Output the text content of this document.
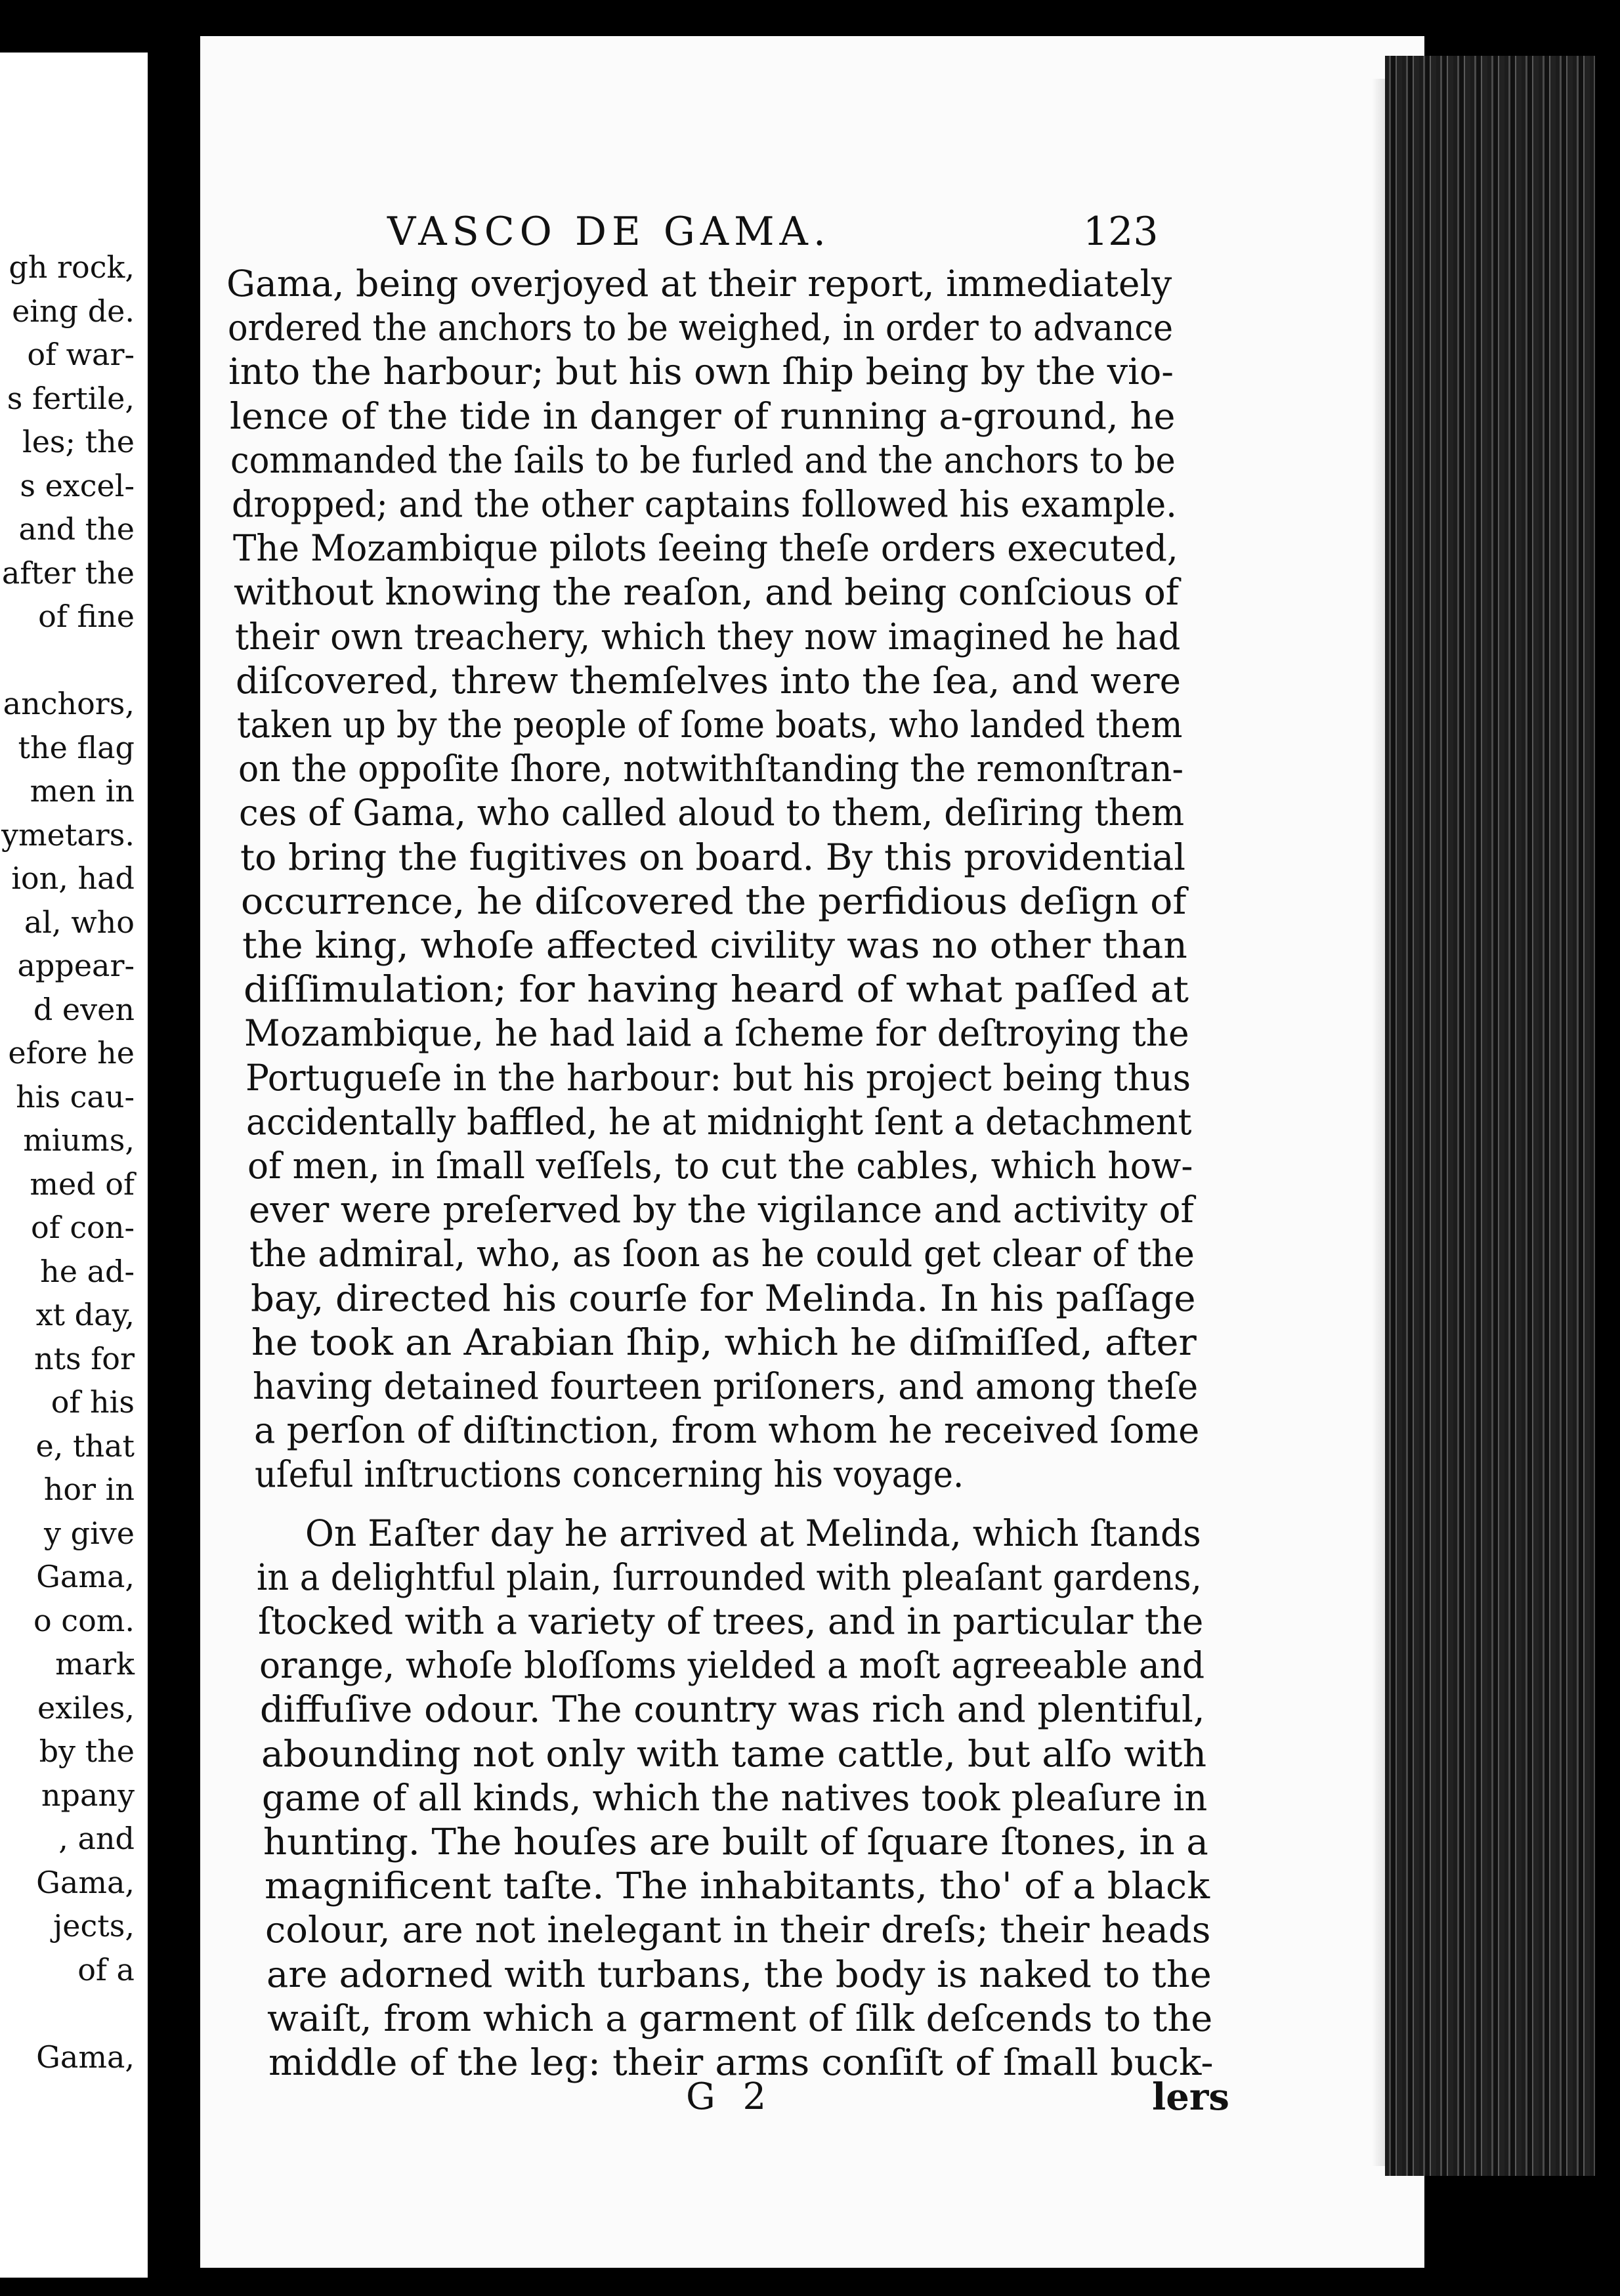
gh rock,
eing de.
of war-
s fertile,
les; the
s excel-
and the
after the
of fine
anchors,
the flag
men in
ymetars.
ion, had
al, who
appear-
d even
efore he
his cau-
miums,
med of
of con-
he ad-
xt day,
nts for
of his
e, that
hor in
y give
Gama,
o com.
mark
exiles,
by the
npany
, and
Gama,
jects,
of a
Gama,
VASCO DE GAMA.	123
Gama, being overjoyed at their report, immediately
ordered the anchors to be weighed, in order to advance
into the harbour; but his own ſhip being by the vio-
lence of the tide in danger of running a-ground, he
commanded the ſails to be furled and the anchors to be
dropped; and the other captains followed his example.
The Mozambique pilots ſeeing theſe orders executed,
without knowing the reaſon, and being conſcious of
their own treachery, which they now imagined he had
diſcovered, threw themſelves into the ſea, and were
taken up by the people of ſome boats, who landed them
on the oppoſite ſhore, notwithſtanding the remonſtran-
ces of Gama, who called aloud to them, deſiring them
to bring the fugitives on board. By this providential
occurrence, he diſcovered the perfidious deſign of
the king, whoſe affected civility was no other than
diſſimulation; for having heard of what paſſed at
Mozambique, he had laid a ſcheme for deſtroying the
Portugueſe in the harbour: but his project being thus
accidentally baffled, he at midnight ſent a detachment
of men, in ſmall veſſels, to cut the cables, which how-
ever were preſerved by the vigilance and activity of
the admiral, who, as ſoon as he could get clear of the
bay, directed his courſe for Melinda. In his paſſage
he took an Arabian ſhip, which he diſmiſſed, after
having detained fourteen priſoners, and among theſe
a perſon of diſtinction, from whom he received ſome
uſeful inſtructions concerning his voyage.
On Eaſter day he arrived at Melinda, which ſtands
in a delightful plain, ſurrounded with pleaſant gardens,
ſtocked with a variety of trees, and in particular the
orange, whoſe bloſſoms yielded a moſt agreeable and
diffuſive odour. The country was rich and plentiful,
abounding not only with tame cattle, but alſo with
game of all kinds, which the natives took pleaſure in
hunting. The houſes are built of ſquare ſtones, in a
magnificent taſte. The inhabitants, tho' of a black
colour, are not inelegant in their dreſs; their heads
are adorned with turbans, the body is naked to the
waiſt, from which a garment of ſilk deſcends to the
middle of the leg: their arms conſiſt of ſmall buck-
G 2	lers
